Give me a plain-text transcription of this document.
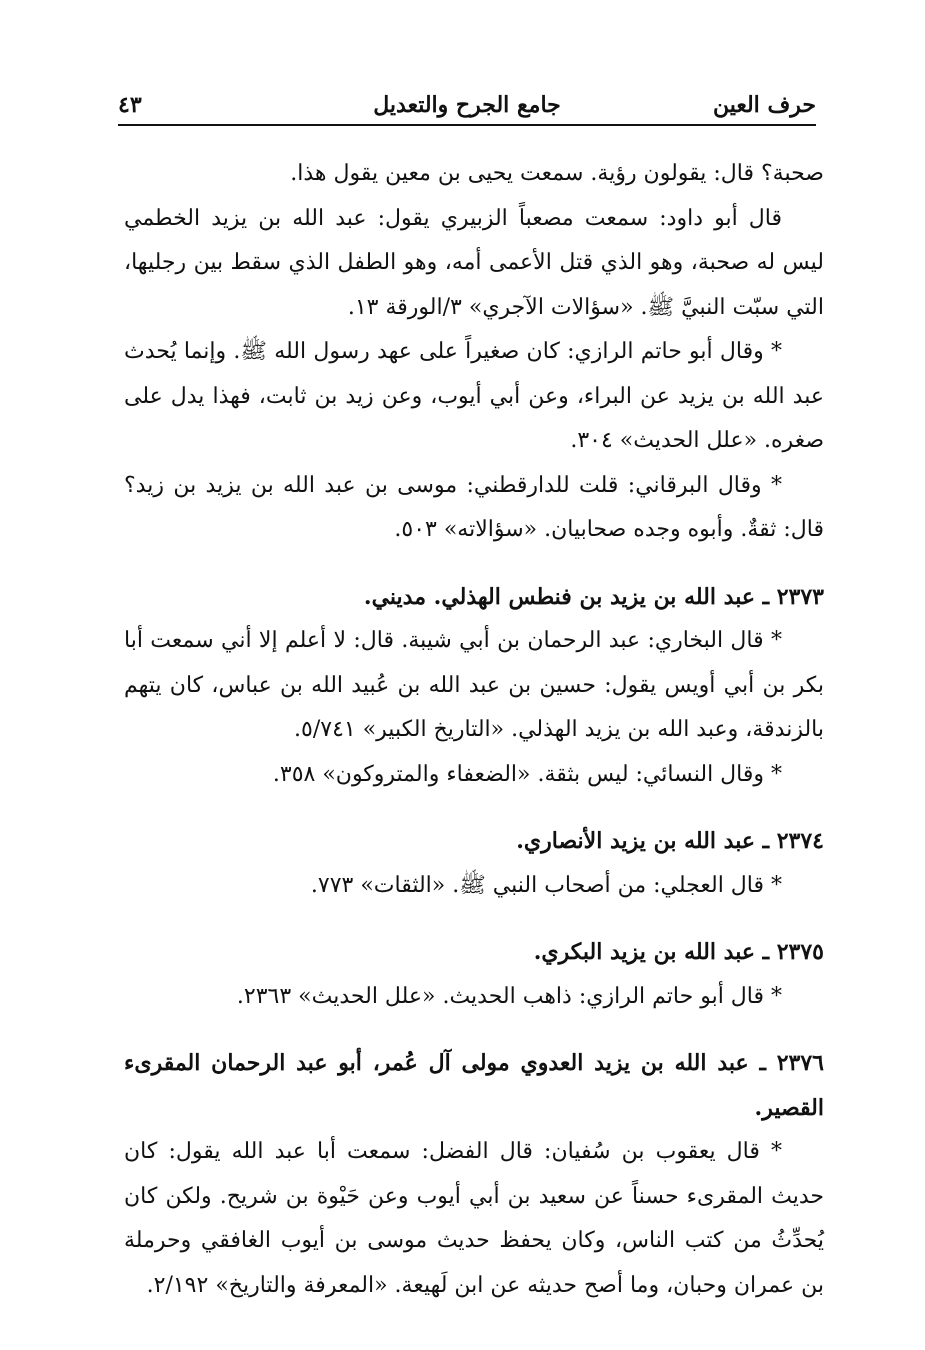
حرف العين
جامع الجرح والتعديل
٤٣

صحبة؟ قال: يقولون رؤية. سمعت يحيى بن معين يقول هذا.

قال أبو داود: سمعت مصعباً الزبيري يقول: عبد الله بن يزيد الخطمي ليس له صحبة، وهو الذي قتل الأعمى أمه، وهو الطفل الذي سقط بين رجليها، التي سبّت النبيَّ ﷺ. «سؤالات الآجري» ٣/الورقة ١٣.

* وقال أبو حاتم الرازي: كان صغيراً على عهد رسول الله ﷺ. وإنما يُحدث عبد الله بن يزيد عن البراء، وعن أبي أيوب، وعن زيد بن ثابت، فهذا يدل على صغره. «علل الحديث» ٣٠٤.

* وقال البرقاني: قلت للدارقطني: موسى بن عبد الله بن يزيد بن زيد؟ قال: ثقةٌ. وأبوه وجده صحابيان. «سؤالاته» ٥٠٣.

٢٣٧٣ ـ عبد الله بن يزيد بن فنطس الهذلي. مديني.

* قال البخاري: عبد الرحمان بن أبي شيبة. قال: لا أعلم إلا أني سمعت أبا بكر بن أبي أويس يقول: حسين بن عبد الله بن عُبيد الله بن عباس، كان يتهم بالزندقة، وعبد الله بن يزيد الهذلي. «التاريخ الكبير» ٥/٧٤١.

* وقال النسائي: ليس بثقة. «الضعفاء والمتروكون» ٣٥٨.

٢٣٧٤ ـ عبد الله بن يزيد الأنصاري.

* قال العجلي: من أصحاب النبي ﷺ. «الثقات» ٧٧٣.

٢٣٧٥ ـ عبد الله بن يزيد البكري.

* قال أبو حاتم الرازي: ذاهب الحديث. «علل الحديث» ٢٣٦٣.

٢٣٧٦ ـ عبد الله بن يزيد العدوي مولى آل عُمر، أبو عبد الرحمان المقرىء القصير.

* قال يعقوب بن سُفيان: قال الفضل: سمعت أبا عبد الله يقول: كان حديث المقرىء حسناً عن سعيد بن أبي أيوب وعن حَيْوة بن شريح. ولكن كان يُحدِّثُ من كتب الناس، وكان يحفظ حديث موسى بن أيوب الغافقي وحرملة بن عمران وحبان، وما أصح حديثه عن ابن لَهيعة. «المعرفة والتاريخ» ٢/١٩٢.
